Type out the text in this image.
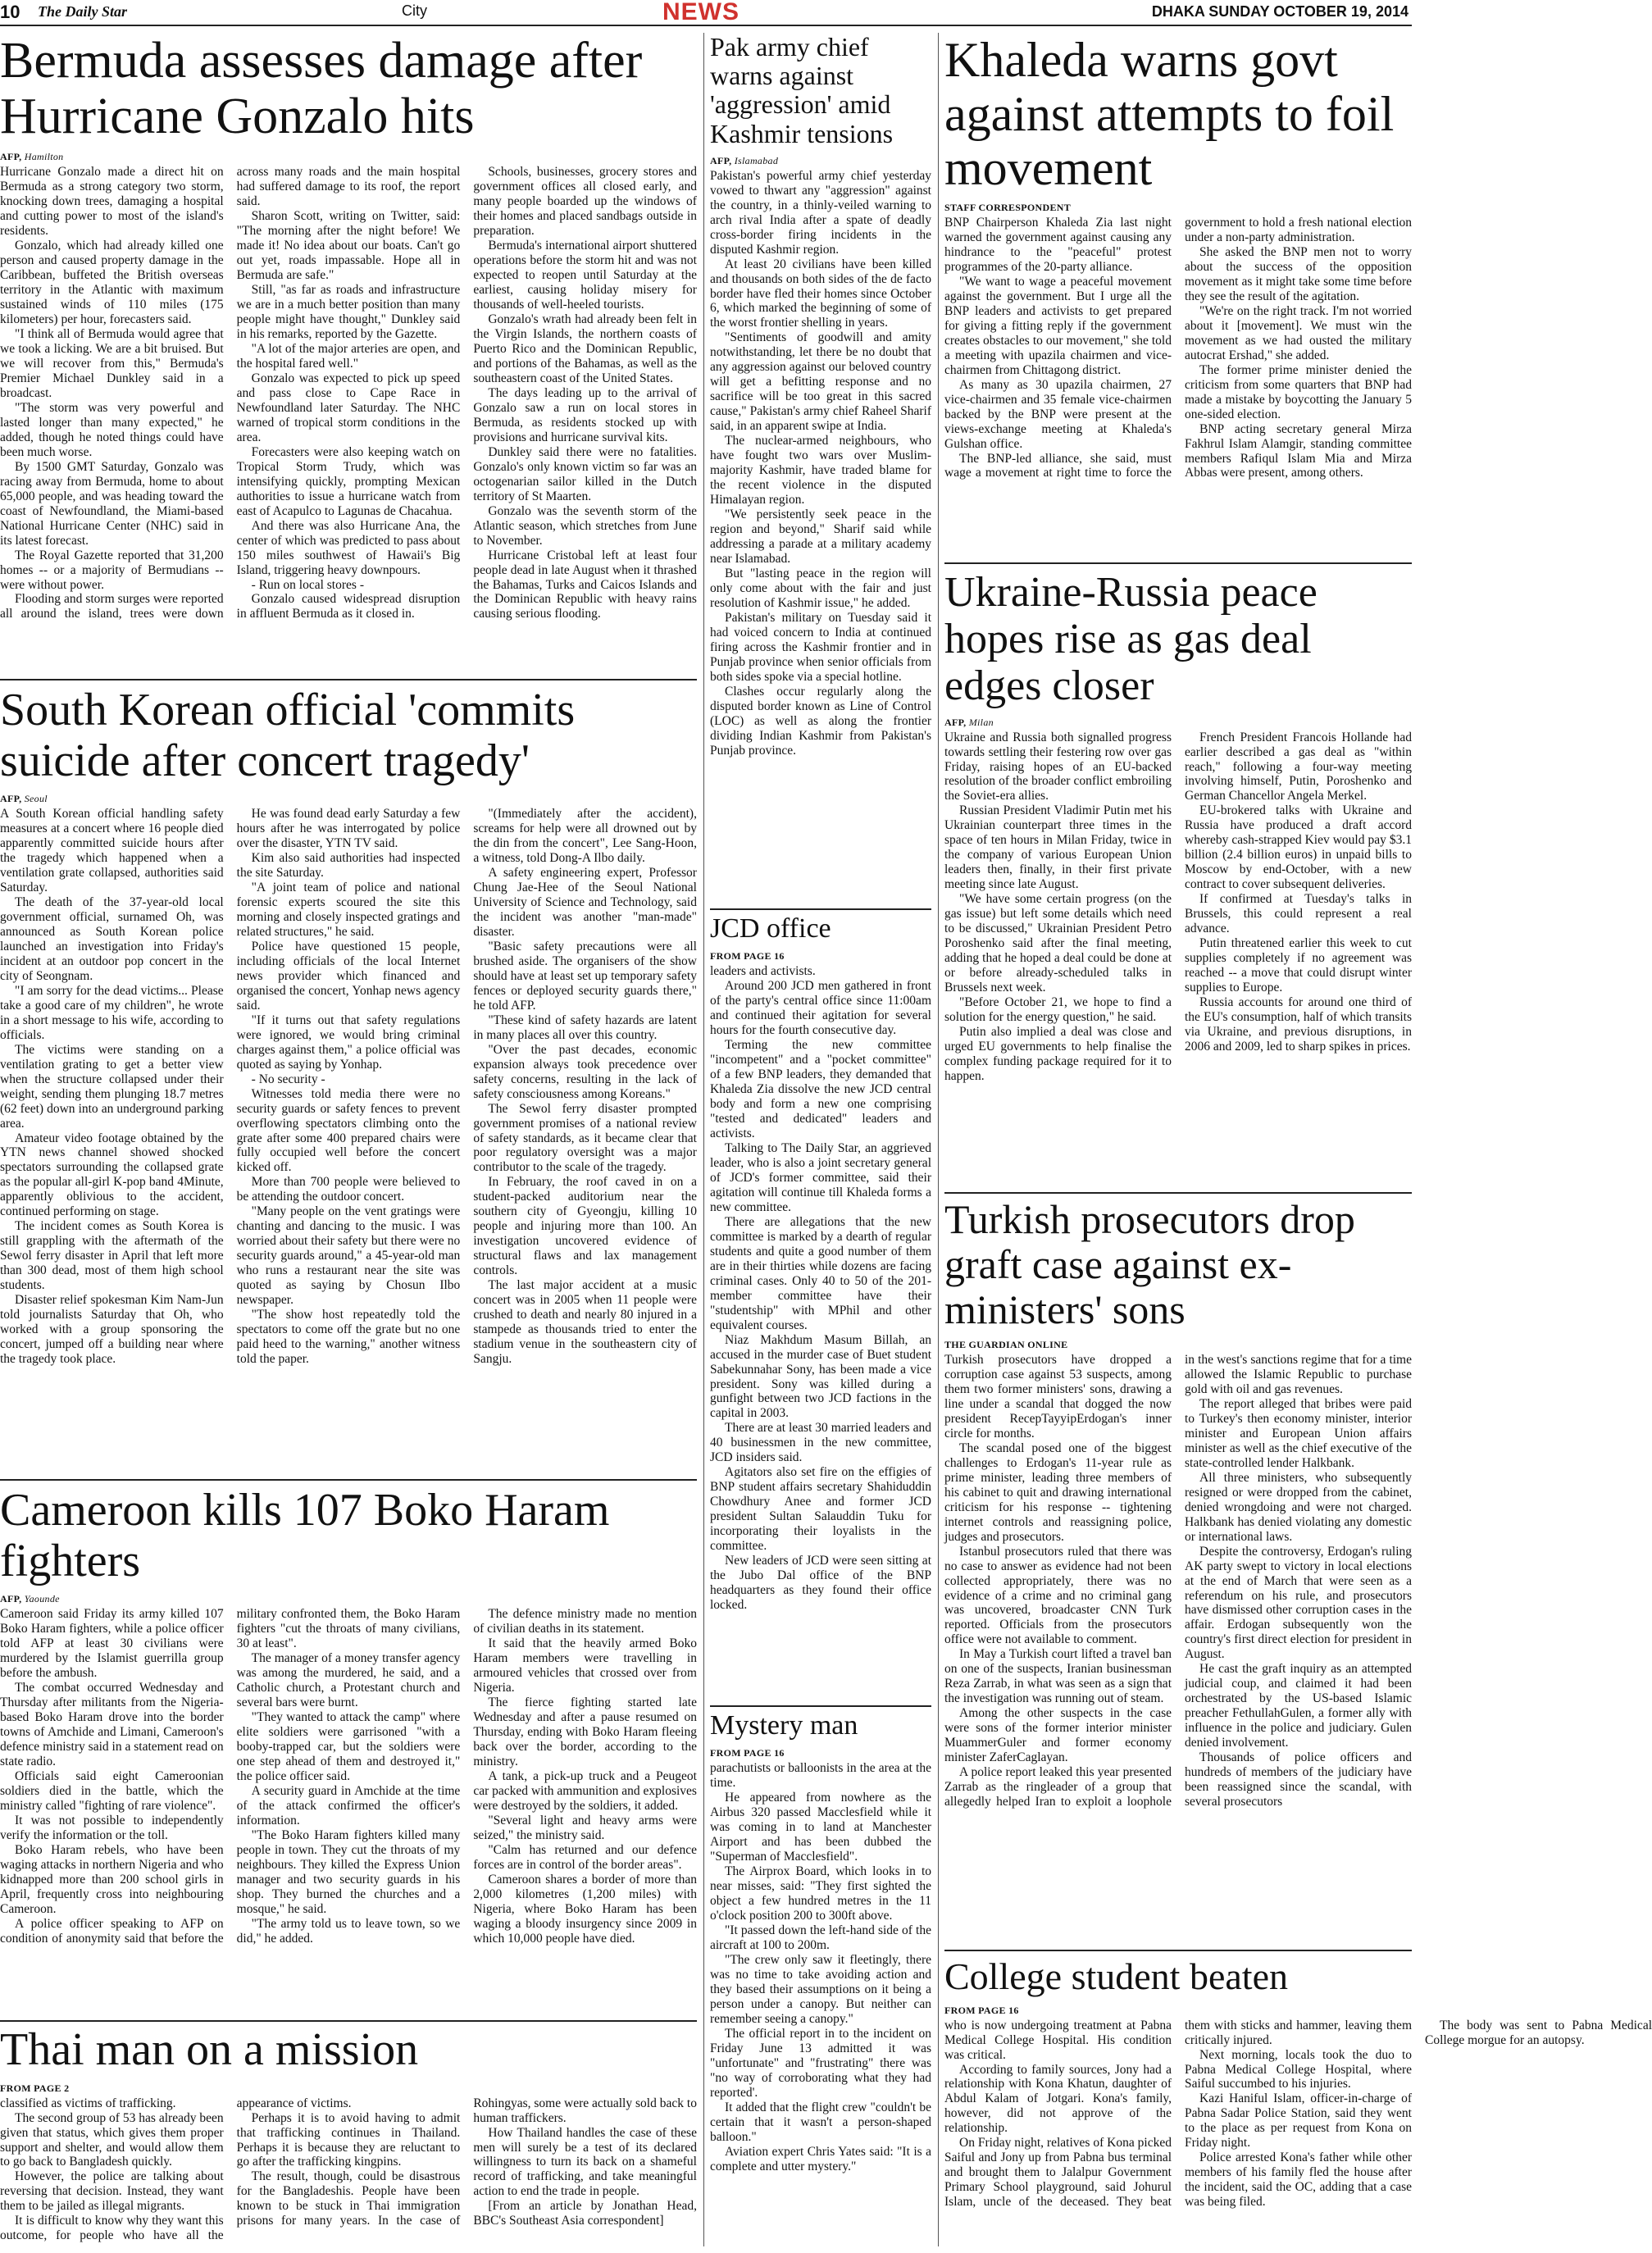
10 The Daily Star	City	NEWS	DHAKA SUNDAY OCTOBER 19, 2014
Bermuda assesses damage after Hurricane Gonzalo hits
AFP, Hamilton

Hurricane Gonzalo made a direct hit on Bermuda as a strong category two storm, knocking down trees, damaging a hospital and cutting power to most of the island's residents.

Gonzalo, which had already killed one person and caused property damage in the Caribbean, buffeted the British overseas territory in the Atlantic with maximum sustained winds of 110 miles (175 kilometers) per hour, forecasters said.

"I think all of Bermuda would agree that we took a licking. We are a bit bruised. But we will recover from this," Bermuda's Premier Michael Dunkley said in a broadcast.

"The storm was very powerful and lasted longer than many expected," he added, though he noted things could have been much worse.

By 1500 GMT Saturday, Gonzalo was racing away from Bermuda, home to about 65,000 people, and was heading toward the coast of Newfoundland, the Miami-based National Hurricane Center (NHC) said in its latest forecast.

The Royal Gazette reported that 31,200 homes -- or a majority of Bermudians -- were without power.

Flooding and storm surges were reported all around the island, trees were down across many roads and the main hospital had suffered damage to its roof, the report said.

Sharon Scott, writing on Twitter, said: "The morning after the night before! We made it! No idea about our boats. Can't go out yet, roads impassable. Hope all in Bermuda are safe."

Still, "as far as roads and infrastructure we are in a much better position than many people might have thought," Dunkley said in his remarks, reported by the Gazette.

"A lot of the major arteries are open, and the hospital fared well."

Gonzalo was expected to pick up speed and pass close to Cape Race in Newfoundland later Saturday. The NHC warned of tropical storm conditions in the area.

Forecasters were also keeping watch on Tropical Storm Trudy, which was intensifying quickly, prompting Mexican authorities to issue a hurricane watch from east of Acapulco to Lagunas de Chacahua.

And there was also Hurricane Ana, the center of which was predicted to pass about 150 miles southwest of Hawaii's Big Island, triggering heavy downpours.

- Run on local stores -

Gonzalo caused widespread disruption in affluent Bermuda as it closed in.

Schools, businesses, grocery stores and government offices all closed early, and many people boarded up the windows of their homes and placed sandbags outside in preparation.

Bermuda's international airport shuttered operations before the storm hit and was not expected to reopen until Saturday at the earliest, causing holiday misery for thousands of well-heeled tourists.

Gonzalo's wrath had already been felt in the Virgin Islands, the northern coasts of Puerto Rico and the Dominican Republic, and portions of the Bahamas, as well as the southeastern coast of the United States.

The days leading up to the arrival of Gonzalo saw a run on local stores in Bermuda, as residents stocked up with provisions and hurricane survival kits.

Dunkley said there were no fatalities. Gonzalo's only known victim so far was an octogenarian sailor killed in the Dutch territory of St Maarten.

Gonzalo was the seventh storm of the Atlantic season, which stretches from June to November.

Hurricane Cristobal left at least four people dead in late August when it thrashed the Bahamas, Turks and Caicos Islands and the Dominican Republic with heavy rains causing serious flooding.

South Korean official 'commits suicide after concert tragedy'
AFP, Seoul

A South Korean official handling safety measures at a concert where 16 people died apparently committed suicide hours after the tragedy which happened when a ventilation grate collapsed, authorities said Saturday.

The death of the 37-year-old local government official, surnamed Oh, was announced as South Korean police launched an investigation into Friday's incident at an outdoor pop concert in the city of Seongnam.

"I am sorry for the dead victims... Please take a good care of my children", he wrote in a short message to his wife, according to officials.

The victims were standing on a ventilation grating to get a better view when the structure collapsed under their weight, sending them plunging 18.7 metres (62 feet) down into an underground parking area.

Amateur video footage obtained by the YTN news channel showed shocked spectators surrounding the collapsed grate as the popular all-girl K-pop band 4Minute, apparently oblivious to the accident, continued performing on stage.

The incident comes as South Korea is still grappling with the aftermath of the Sewol ferry disaster in April that left more than 300 dead, most of them high school students.

Disaster relief spokesman Kim Nam-Jun told journalists Saturday that Oh, who worked with a group sponsoring the concert, jumped off a building near where the tragedy took place.

He was found dead early Saturday a few hours after he was interrogated by police over the disaster, YTN TV said.

Kim also said authorities had inspected the site Saturday.

"A joint team of police and national forensic experts scoured the site this morning and closely inspected gratings and related structures," he said.

Police have questioned 15 people, including officials of the local Internet news provider which financed and organised the concert, Yonhap news agency said.

"If it turns out that safety regulations were ignored, we would bring criminal charges against them," a police official was quoted as saying by Yonhap.

- No security -

Witnesses told media there were no security guards or safety fences to prevent overflowing spectators climbing onto the grate after some 400 prepared chairs were fully occupied well before the concert kicked off.

More than 700 people were believed to be attending the outdoor concert.

"Many people on the vent gratings were chanting and dancing to the music. I was worried about their safety but there were no security guards around," a 45-year-old man who runs a restaurant near the site was quoted as saying by Chosun Ilbo newspaper.

"The show host repeatedly told the spectators to come off the grate but no one paid heed to the warning," another witness told the paper.

"(Immediately after the accident), screams for help were all drowned out by the din from the concert", Lee Sang-Hoon, a witness, told Dong-A Ilbo daily.

A safety engineering expert, Professor Chung Jae-Hee of the Seoul National University of Science and Technology, said the incident was another "man-made" disaster.

"Basic safety precautions were all brushed aside. The organisers of the show should have at least set up temporary safety fences or deployed security guards there," he told AFP.

"These kind of safety hazards are latent in many places all over this country.

"Over the past decades, economic expansion always took precedence over safety concerns, resulting in the lack of safety consciousness among Koreans."

The Sewol ferry disaster prompted government promises of a national review of safety standards, as it became clear that poor regulatory oversight was a major contributor to the scale of the tragedy.

In February, the roof caved in on a student-packed auditorium near the southern city of Gyeongju, killing 10 people and injuring more than 100. An investigation uncovered evidence of structural flaws and lax management controls.

The last major accident at a music concert was in 2005 when 11 people were crushed to death and nearly 80 injured in a stampede as thousands tried to enter the stadium venue in the southeastern city of Sangju.

Cameroon kills 107 Boko Haram fighters
AFP, Yaounde

Cameroon said Friday its army killed 107 Boko Haram fighters, while a police officer told AFP at least 30 civilians were murdered by the Islamist guerrilla group before the ambush.

The combat occurred Wednesday and Thursday after militants from the Nigeria-based Boko Haram drove into the border towns of Amchide and Limani, Cameroon's defence ministry said in a statement read on state radio.

Officials said eight Cameroonian soldiers died in the battle, which the ministry called "fighting of rare violence".

It was not possible to independently verify the information or the toll.

Boko Haram rebels, who have been waging attacks in northern Nigeria and who kidnapped more than 200 school girls in April, frequently cross into neighbouring Cameroon.

A police officer speaking to AFP on condition of anonymity said that before the military confronted them, the Boko Haram fighters "cut the throats of many civilians, 30 at least".

The manager of a money transfer agency was among the murdered, he said, and a Catholic church, a Protestant church and several bars were burnt.

"They wanted to attack the camp" where elite soldiers were garrisoned "with a booby-trapped car, but the soldiers were one step ahead of them and destroyed it," the police officer said.

A security guard in Amchide at the time of the attack confirmed the officer's information.

"The Boko Haram fighters killed many people in town. They cut the throats of my neighbours. They killed the Express Union manager and two security guards in his shop. They burned the churches and a mosque," he said.

"The army told us to leave town, so we did," he added.

The defence ministry made no mention of civilian deaths in its statement.

It said that the heavily armed Boko Haram members were travelling in armoured vehicles that crossed over from Nigeria.

The fierce fighting started late Wednesday and after a pause resumed on Thursday, ending with Boko Haram fleeing back over the border, according to the ministry.

A tank, a pick-up truck and a Peugeot car packed with ammunition and explosives were destroyed by the soldiers, it added.

"Several light and heavy arms were seized," the ministry said.

"Calm has returned and our defence forces are in control of the border areas".

Cameroon shares a border of more than 2,000 kilometres (1,200 miles) with Nigeria, where Boko Haram has been waging a bloody insurgency since 2009 in which 10,000 people have died.

Thai man on a mission
FROM PAGE 2

classified as victims of trafficking.

The second group of 53 has already been given that status, which gives them proper support and shelter, and would allow them to go back to Bangladesh quickly.

However, the police are talking about reversing that decision. Instead, they want them to be jailed as illegal migrants.

It is difficult to know why they want this outcome, for people who have all the appearance of victims.

Perhaps it is to avoid having to admit that trafficking continues in Thailand. Perhaps it is because they are reluctant to go after the trafficking kingpins.

The result, though, could be disastrous for the Bangladeshis. People have been known to be stuck in Thai immigration prisons for many years. In the case of Rohingyas, some were actually sold back to human traffickers.

How Thailand handles the case of these men will surely be a test of its declared willingness to turn its back on a shameful record of trafficking, and take meaningful action to end the trade in people.

[From an article by Jonathan Head, BBC's Southeast Asia correspondent]

Pak army chief warns against 'aggression' amid Kashmir tensions
AFP, Islamabad

Pakistan's powerful army chief yesterday vowed to thwart any "aggression" against the country, in a thinly-veiled warning to arch rival India after a spate of deadly cross-border firing incidents in the disputed Kashmir region.

At least 20 civilians have been killed and thousands on both sides of the de facto border have fled their homes since October 6, which marked the beginning of some of the worst frontier shelling in years.

"Sentiments of goodwill and amity notwithstanding, let there be no doubt that any aggression against our beloved country will get a befitting response and no sacrifice will be too great in this sacred cause," Pakistan's army chief Raheel Sharif said, in an apparent swipe at India.

The nuclear-armed neighbours, who have fought two wars over Muslim-majority Kashmir, have traded blame for the recent violence in the disputed Himalayan region.

"We persistently seek peace in the region and beyond," Sharif said while addressing a parade at a military academy near Islamabad.

But "lasting peace in the region will only come about with the fair and just resolution of Kashmir issue," he added.

Pakistan's military on Tuesday said it had voiced concern to India at continued firing across the Kashmir frontier and in Punjab province when senior officials from both sides spoke via a special hotline.

Clashes occur regularly along the disputed border known as Line of Control (LOC) as well as along the frontier dividing Indian Kashmir from Pakistan's Punjab province.

JCD office
FROM PAGE 16

leaders and activists.

Around 200 JCD men gathered in front of the party's central office since 11:00am and continued their agitation for several hours for the fourth consecutive day.

Terming the new committee "incompetent" and a "pocket committee" of a few BNP leaders, they demanded that Khaleda Zia dissolve the new JCD central body and form a new one comprising "tested and dedicated" leaders and activists.

Talking to The Daily Star, an aggrieved leader, who is also a joint secretary general of JCD's former committee, said their agitation will continue till Khaleda forms a new committee.

There are allegations that the new committee is marked by a dearth of regular students and quite a good number of them are in their thirties while dozens are facing criminal cases. Only 40 to 50 of the 201-member committee have their "studentship" with MPhil and other equivalent courses.

Niaz Makhdum Masum Billah, an accused in the murder case of Buet student Sabekunnahar Sony, has been made a vice president. Sony was killed during a gunfight between two JCD factions in the capital in 2003.

There are at least 30 married leaders and 40 businessmen in the new committee, JCD insiders said.

Agitators also set fire on the effigies of BNP student affairs secretary Shahiduddin Chowdhury Anee and former JCD president Sultan Salauddin Tuku for incorporating their loyalists in the committee.

New leaders of JCD were seen sitting at the Jubo Dal office of the BNP headquarters as they found their office locked.

Mystery man
FROM PAGE 16

parachutists or balloonists in the area at the time.

He appeared from nowhere as the Airbus 320 passed Macclesfield while it was coming in to land at Manchester Airport and has been dubbed the "Superman of Macclesfield".

The Airprox Board, which looks in to near misses, said: "They first sighted the object a few hundred metres in the 11 o'clock position 200 to 300ft above.

"It passed down the left-hand side of the aircraft at 100 to 200m.

"The crew only saw it fleetingly, there was no time to take avoiding action and they based their assumptions on it being a person under a canopy. But neither can remember seeing a canopy."

The official report in to the incident on Friday June 13 admitted it was "unfortunate" and "frustrating" there was "no way of corroborating what they had reported'.

It added that the flight crew "couldn't be certain that it wasn't a person-shaped balloon."

Aviation expert Chris Yates said: "It is a complete and utter mystery."

Khaleda warns govt against attempts to foil movement
STAFF CORRESPONDENT

BNP Chairperson Khaleda Zia last night warned the government against causing any hindrance to the "peaceful" protest programmes of the 20-party alliance.

"We want to wage a peaceful movement against the government. But I urge all the BNP leaders and activists to get prepared for giving a fitting reply if the government creates obstacles to our movement," she told a meeting with upazila chairmen and vice-chairmen from Chittagong district.

As many as 30 upazila chairmen, 27 vice-chairmen and 35 female vice-chairmen backed by the BNP were present at the views-exchange meeting at Khaleda's Gulshan office.

The BNP-led alliance, she said, must wage a movement at right time to force the government to hold a fresh national election under a non-party administration.

She asked the BNP men not to worry about the success of the opposition movement as it might take some time before they see the result of the agitation.

"We're on the right track. I'm not worried about it [movement]. We must win the movement as we had ousted the military autocrat Ershad," she added.

The former prime minister denied the criticism from some quarters that BNP had made a mistake by boycotting the January 5 one-sided election.

BNP acting secretary general Mirza Fakhrul Islam Alamgir, standing committee members Rafiqul Islam Mia and Mirza Abbas were present, among others.

Ukraine-Russia peace hopes rise as gas deal edges closer
AFP, Milan

Ukraine and Russia both signalled progress towards settling their festering row over gas Friday, raising hopes of an EU-backed resolution of the broader conflict embroiling the Soviet-era allies.

Russian President Vladimir Putin met his Ukrainian counterpart three times in the space of ten hours in Milan Friday, twice in the company of various European Union leaders then, finally, in their first private meeting since late August.

"We have some certain progress (on the gas issue) but left some details which need to be discussed," Ukrainian President Petro Poroshenko said after the final meeting, adding that he hoped a deal could be done at or before already-scheduled talks in Brussels next week.

"Before October 21, we hope to find a solution for the energy question," he said.

Putin also implied a deal was close and urged EU governments to help finalise the complex funding package required for it to happen.

French President Francois Hollande had earlier described a gas deal as "within reach," following a four-way meeting involving himself, Putin, Poroshenko and German Chancellor Angela Merkel.

EU-brokered talks with Ukraine and Russia have produced a draft accord whereby cash-strapped Kiev would pay $3.1 billion (2.4 billion euros) in unpaid bills to Moscow by end-October, with a new contract to cover subsequent deliveries.

If confirmed at Tuesday's talks in Brussels, this could represent a real advance.

Putin threatened earlier this week to cut supplies completely if no agreement was reached -- a move that could disrupt winter supplies to Europe.

Russia accounts for around one third of the EU's consumption, half of which transits via Ukraine, and previous disruptions, in 2006 and 2009, led to sharp spikes in prices.

Turkish prosecutors drop graft case against ex-ministers' sons
THE GUARDIAN ONLINE

Turkish prosecutors have dropped a corruption case against 53 suspects, among them two former ministers' sons, drawing a line under a scandal that dogged the now president RecepTayyipErdogan's inner circle for months.

The scandal posed one of the biggest challenges to Erdogan's 11-year rule as prime minister, leading three members of his cabinet to quit and drawing international criticism for his response -- tightening internet controls and reassigning police, judges and prosecutors.

Istanbul prosecutors ruled that there was no case to answer as evidence had not been collected appropriately, there was no evidence of a crime and no criminal gang was uncovered, broadcaster CNN Turk reported. Officials from the prosecutors office were not available to comment.

In May a Turkish court lifted a travel ban on one of the suspects, Iranian businessman Reza Zarrab, in what was seen as a sign that the investigation was running out of steam.

Among the other suspects in the case were sons of the former interior minister MuammerGuler and former economy minister ZaferCaglayan.

A police report leaked this year presented Zarrab as the ringleader of a group that allegedly helped Iran to exploit a loophole in the west's sanctions regime that for a time allowed the Islamic Republic to purchase gold with oil and gas revenues.

The report alleged that bribes were paid to Turkey's then economy minister, interior minister and European Union affairs minister as well as the chief executive of the state-controlled lender Halkbank.

All three ministers, who subsequently resigned or were dropped from the cabinet, denied wrongdoing and were not charged. Halkbank has denied violating any domestic or international laws.

Despite the controversy, Erdogan's ruling AK party swept to victory in local elections at the end of March that were seen as a referendum on his rule, and prosecutors have dismissed other corruption cases in the affair. Erdogan subsequently won the country's first direct election for president in August.

He cast the graft inquiry as an attempted judicial coup, and claimed it had been orchestrated by the US-based Islamic preacher FethullahGulen, a former ally with influence in the police and judiciary. Gulen denied involvement.

Thousands of police officers and hundreds of members of the judiciary have been reassigned since the scandal, with several prosecutors

College student beaten
FROM PAGE 16

who is now undergoing treatment at Pabna Medical College Hospital. His condition was critical.

According to family sources, Jony had a relationship with Kona Khatun, daughter of Abdul Kalam of Jotgari. Kona's family, however, did not approve of the relationship.

On Friday night, relatives of Kona picked Saiful and Jony up from Pabna bus terminal and brought them to Jalalpur Government Primary School playground, said Johurul Islam, uncle of the deceased. They beat them with sticks and hammer, leaving them critically injured.

Next morning, locals took the duo to Pabna Medical College Hospital, where Saiful succumbed to his injuries.

Kazi Haniful Islam, officer-in-charge of Pabna Sadar Police Station, said they went to the place as per request from Kona on Friday night.

Police arrested Kona's father while other members of his family fled the house after the incident, said the OC, adding that a case was being filed.

The body was sent to Pabna Medical College morgue for an autopsy.
